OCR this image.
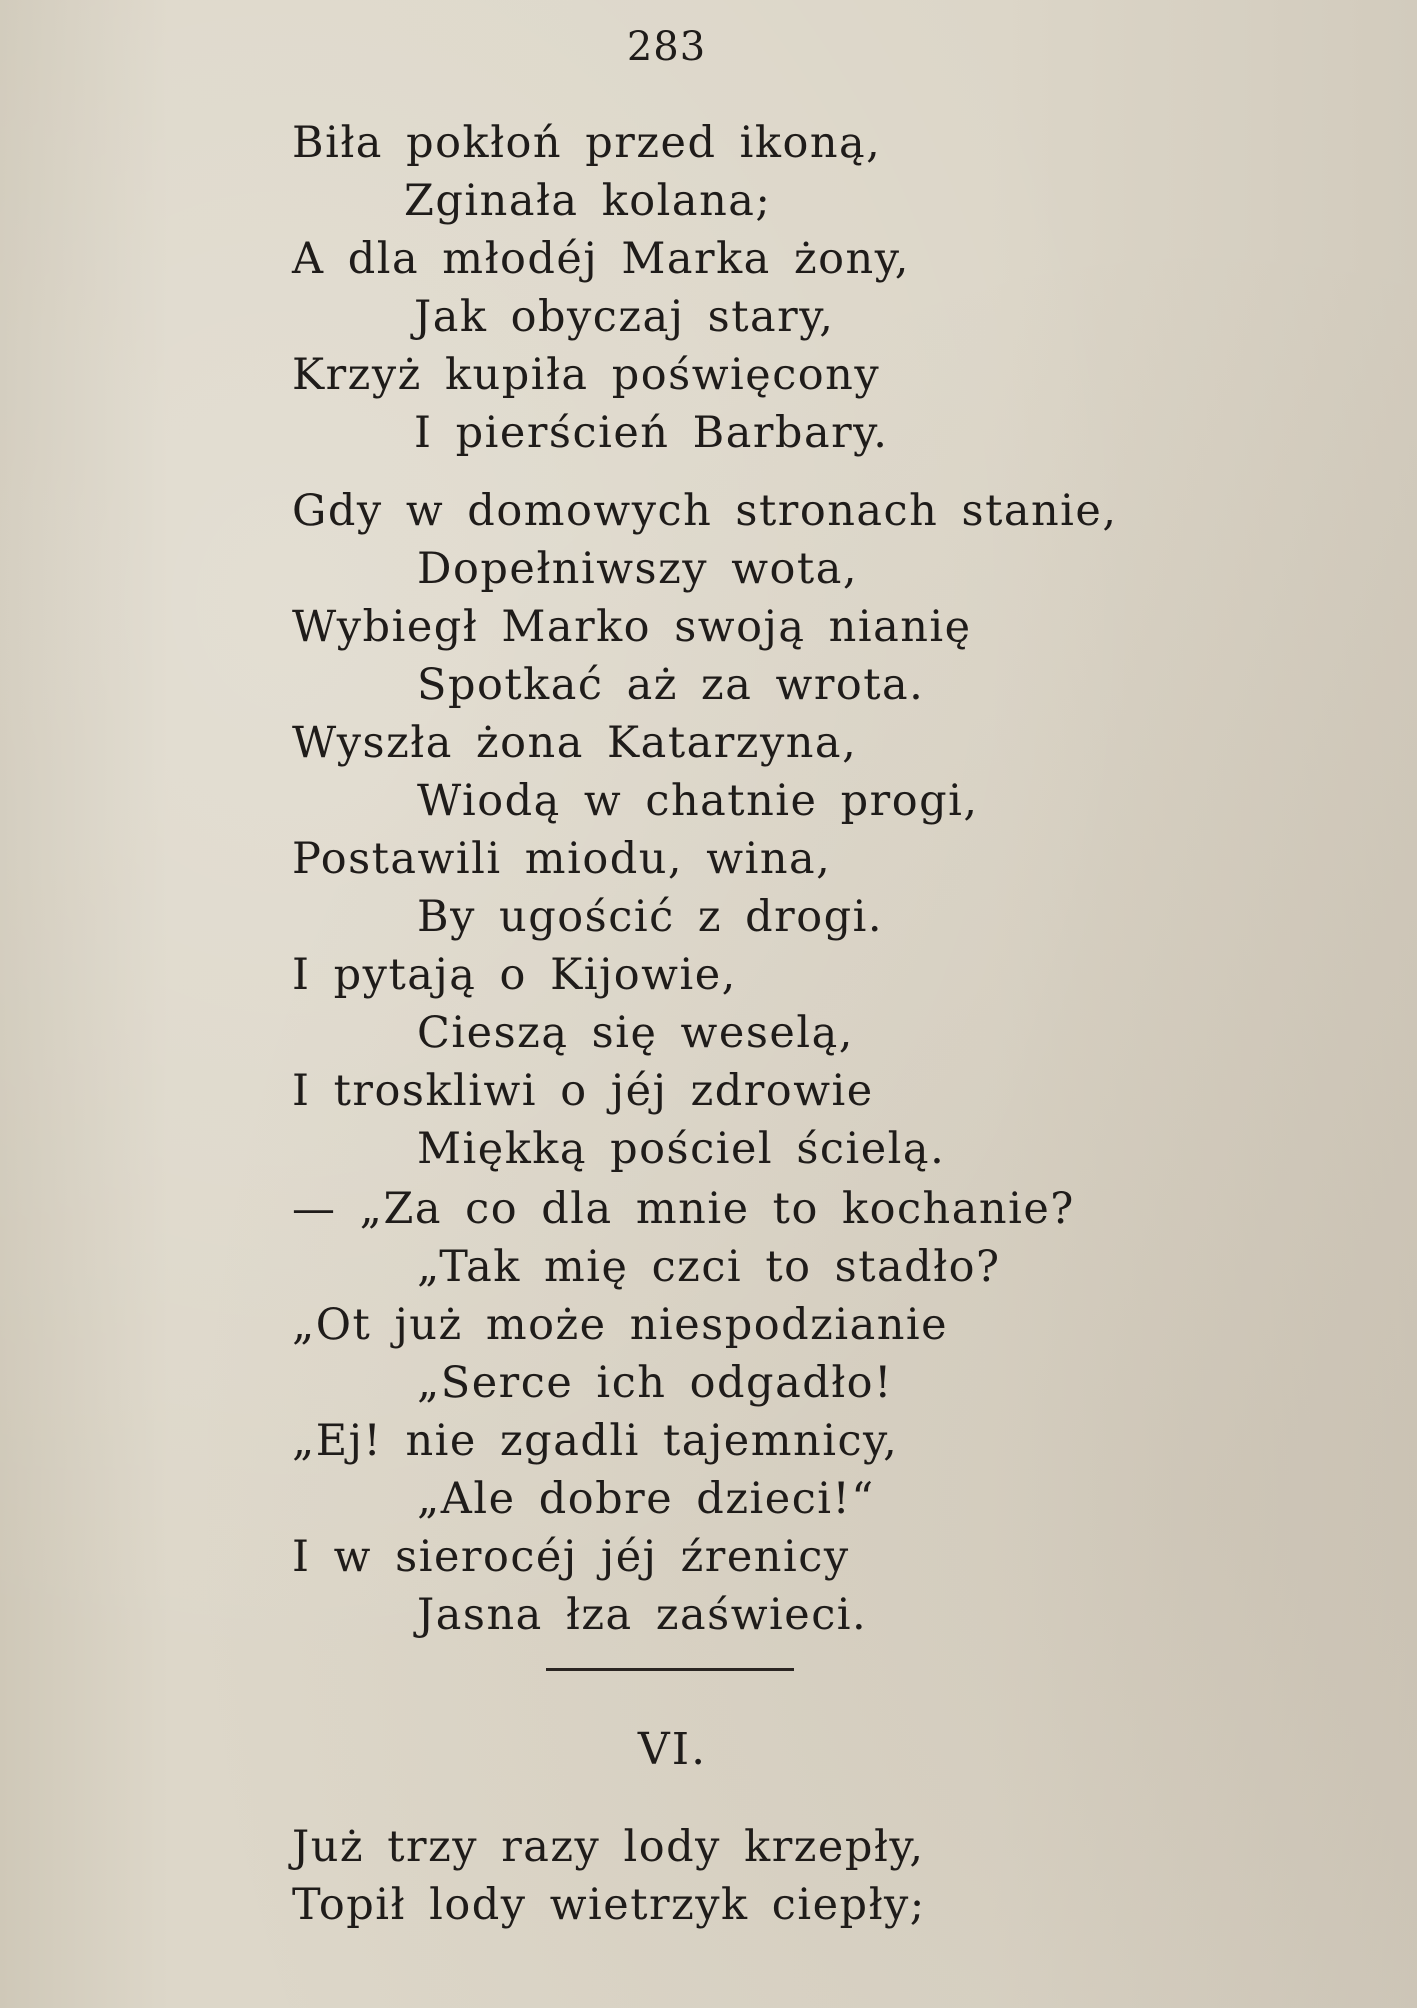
283
Biła pokłoń przed ikoną,
Zginała kolana;
A dla młodéj Marka żony,
Jak obyczaj stary,
Krzyż kupiła poświęcony
I pierścień Barbary.
Gdy w domowych stronach stanie,
Dopełniwszy wota,
Wybiegł Marko swoją nianię
Spotkać aż za wrota.
Wyszła żona Katarzyna,
Wiodą w chatnie progi,
Postawili miodu, wina,
By ugościć z drogi.
I pytają o Kijowie,
Cieszą się weselą,
I troskliwi o jéj zdrowie
Miękką pościel ścielą.
— „Za co dla mnie to kochanie?
„Tak mię czci to stadło?
„Ot już może niespodzianie
„Serce ich odgadło!
„Ej! nie zgadli tajemnicy,
„Ale dobre dzieci!“
I w sierocéj jéj źrenicy
Jasna łza zaświeci.
VI.
Już trzy razy lody krzepły,
Topił lody wietrzyk ciepły;
